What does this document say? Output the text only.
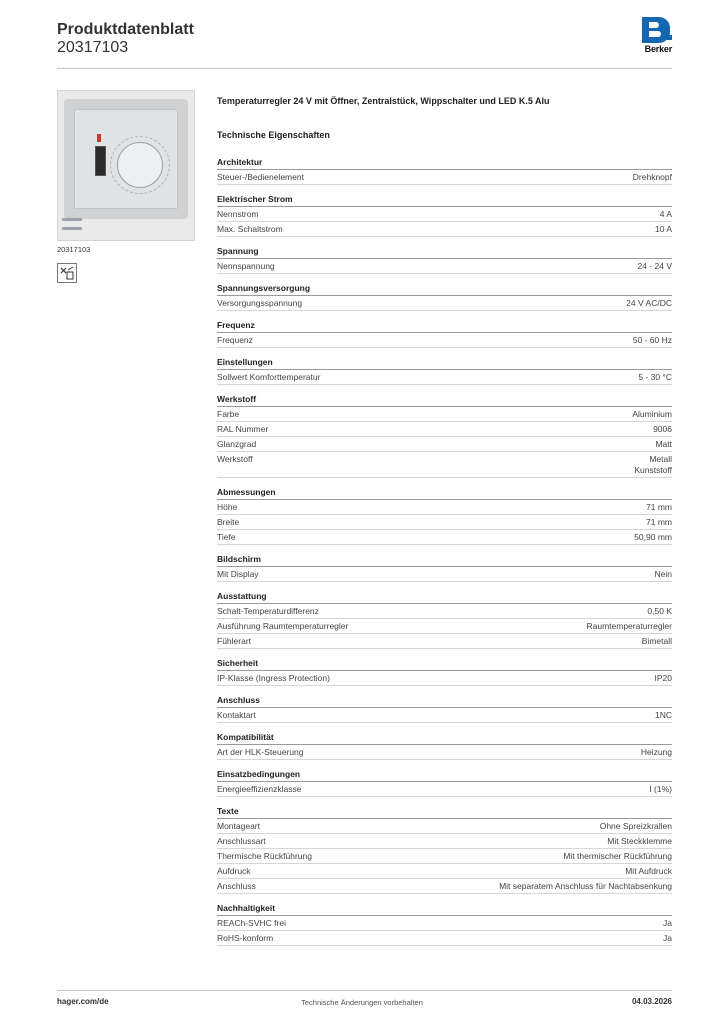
Produktdatenblatt
20317103	Berker
20317103
Temperaturregler 24 V mit Öffner, Zentralstück, Wippschalter und LED K.5 Alu
Technische Eigenschaften
Architektur
Steuer-/Bedienelement	Drehknopf
Elektrischer Strom
Nennstrom	4 A
Max. Schaltstrom	10 A
Spannung
Nennspannung	24 - 24 V
Spannungsversorgung
Versorgungsspannung	24 V AC/DC
Frequenz
Frequenz	50 - 60 Hz
Einstellungen
Sollwert Komforttemperatur	5 - 30 °C
Werkstoff
Farbe	Aluminium
RAL Nummer	9006
Glanzgrad	Matt
Werkstoff	Metall
Kunststoff
Abmessungen
Höhe	71 mm
Breite	71 mm
Tiefe	50,90 mm
Bildschirm
Mit Display	Nein
Ausstattung
Schalt-Temperaturdifferenz	0,50 K
Ausführung Raumtemperaturregler	Raumtemperaturregler
Fühlerart	Bimetall
Sicherheit
IP-Klasse (Ingress Protection)	IP20
Anschluss
Kontaktart	1NC
Kompatibilität
Art der HLK-Steuerung	Heizung
Einsatzbedingungen
Energieeffizienzklasse	I (1%)
Texte
Montageart	Ohne Spreizkrallen
Anschlussart	Mit Steckklemme
Thermische Rückführung	Mit thermischer Rückführung
Aufdruck	Mit Aufdruck
Anschluss	Mit separatem Anschluss für Nachtabsenkung
Nachhaltigkeit
REACh-SVHC frei	Ja
RoHS-konform	Ja
hager.com/de	Technische Änderungen vorbehalten	04.03.2026
